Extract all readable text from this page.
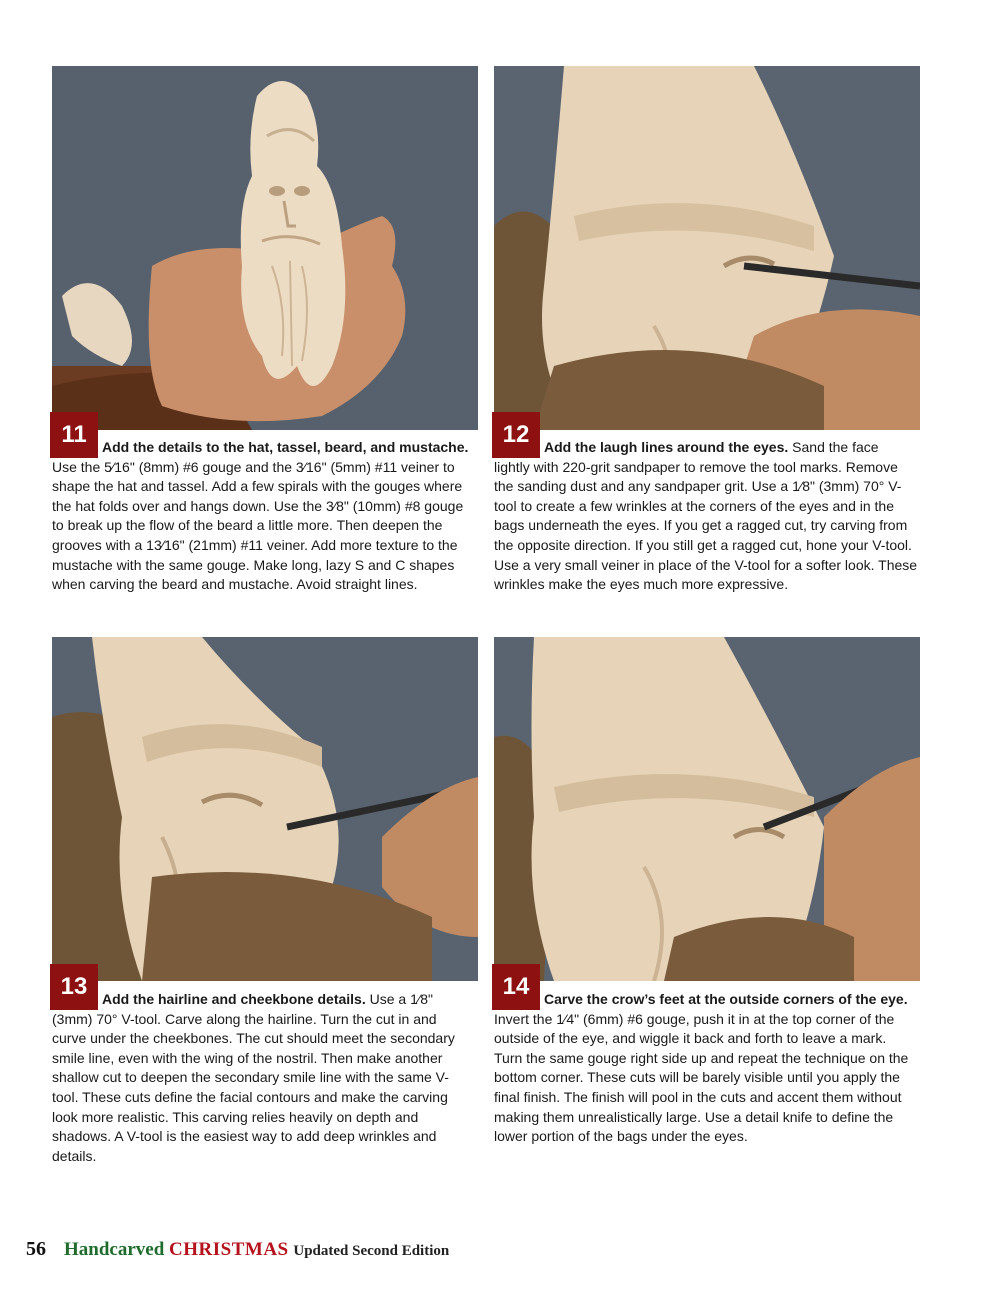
11	Add the details to the hat, tassel, beard, and mustache. Use the 5⁄16" (8mm) #6 gouge and the 3⁄16" (5mm) #11 veiner to shape the hat and tassel. Add a few spirals with the gouges where the hat folds over and hangs down. Use the 3⁄8" (10mm) #8 gouge to break up the flow of the beard a little more. Then deepen the grooves with a 13⁄16" (21mm) #11 veiner. Add more texture to the mustache with the same gouge. Make long, lazy S and C shapes when carving the beard and mustache. Avoid straight lines.

12	Add the laugh lines around the eyes. Sand the face lightly with 220-grit sandpaper to remove the tool marks. Remove the sanding dust and any sandpaper grit. Use a 1⁄8" (3mm) 70° V-tool to create a few wrinkles at the corners of the eyes and in the bags underneath the eyes. If you get a ragged cut, try carving from the opposite direction. If you still get a ragged cut, hone your V-tool. Use a very small veiner in place of the V-tool for a softer look. These wrinkles make the eyes much more expressive.

13	Add the hairline and cheekbone details. Use a 1⁄8" (3mm) 70° V-tool. Carve along the hairline. Turn the cut in and curve under the cheekbones. The cut should meet the secondary smile line, even with the wing of the nostril. Then make another shallow cut to deepen the secondary smile line with the same V-tool. These cuts define the facial contours and make the carving look more realistic. This carving relies heavily on depth and shadows. A V-tool is the easiest way to add deep wrinkles and details.

14	Carve the crow’s feet at the outside corners of the eye. Invert the 1⁄4" (6mm) #6 gouge, push it in at the top corner of the outside of the eye, and wiggle it back and forth to leave a mark. Turn the same gouge right side up and repeat the technique on the bottom corner. These cuts will be barely visible until you apply the final finish. The finish will pool in the cuts and accent them without making them unrealistically large. Use a detail knife to define the lower portion of the bags under the eyes.

56 Handcarved CHRISTMAS Updated Second Edition
